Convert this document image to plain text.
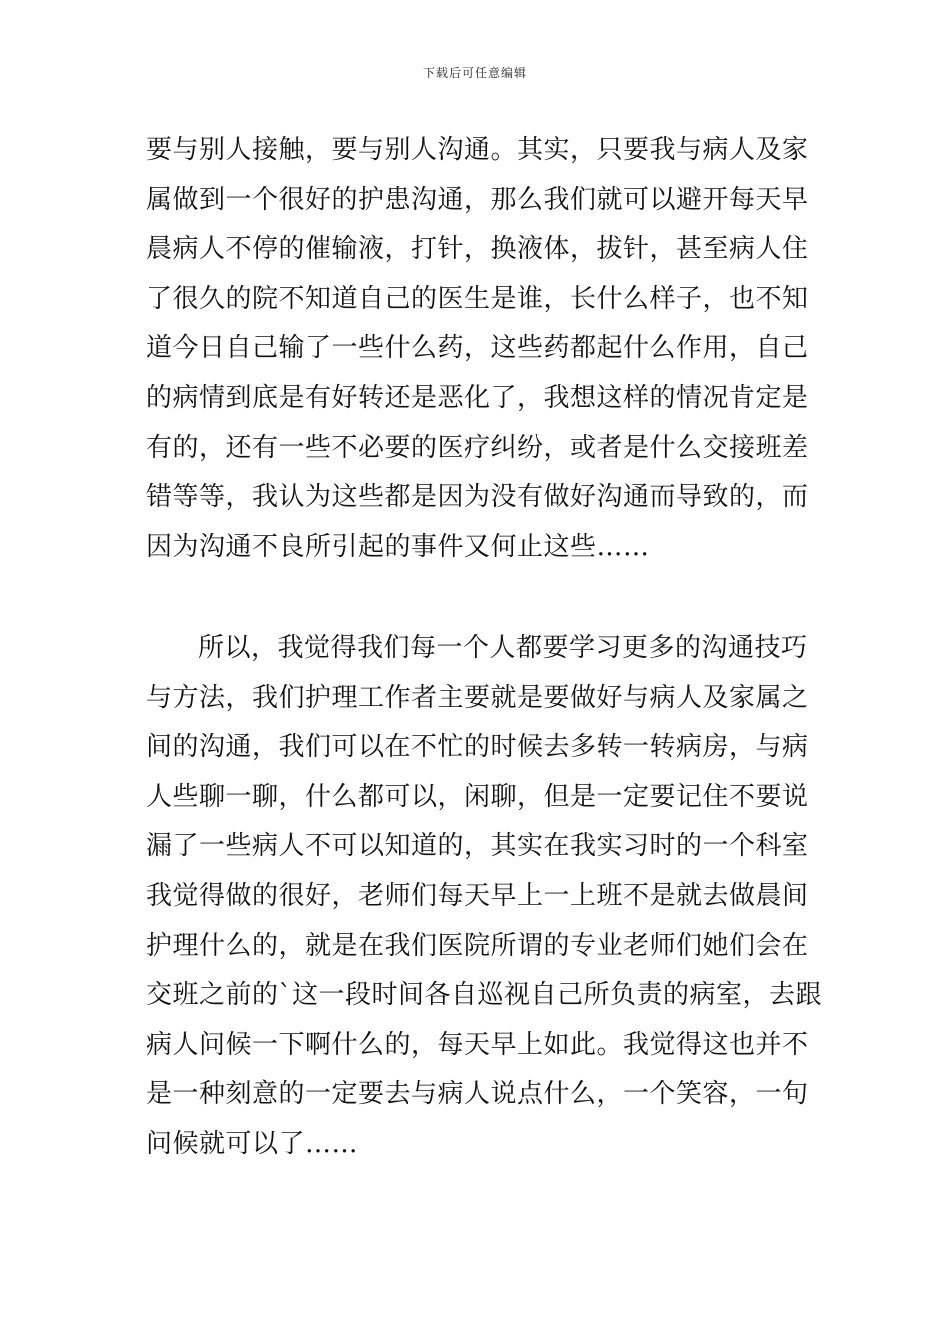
下载后可任意编辑
要与别人接触，要与别人沟通。其实，只要我与病人及家
属做到一个很好的护患沟通，那么我们就可以避开每天早
晨病人不停的催输液，打针，换液体，拔针，甚至病人住
了很久的院不知道自己的医生是谁，长什么样子，也不知
道今日自己输了一些什么药，这些药都起什么作用，自己
的病情到底是有好转还是恶化了，我想这样的情况肯定是
有的，还有一些不必要的医疗纠纷，或者是什么交接班差
错等等，我认为这些都是因为没有做好沟通而导致的，而
因为沟通不良所引起的事件又何止这些……
所以，我觉得我们每一个人都要学习更多的沟通技巧
与方法，我们护理工作者主要就是要做好与病人及家属之
间的沟通，我们可以在不忙的时候去多转一转病房，与病
人些聊一聊，什么都可以，闲聊，但是一定要记住不要说
漏了一些病人不可以知道的，其实在我实习时的一个科室
我觉得做的很好，老师们每天早上一上班不是就去做晨间
护理什么的，就是在我们医院所谓的专业老师们她们会在
交班之前的`这一段时间各自巡视自己所负责的病室，去跟
病人问候一下啊什么的，每天早上如此。我觉得这也并不
是一种刻意的一定要去与病人说点什么，一个笑容，一句
问候就可以了……
